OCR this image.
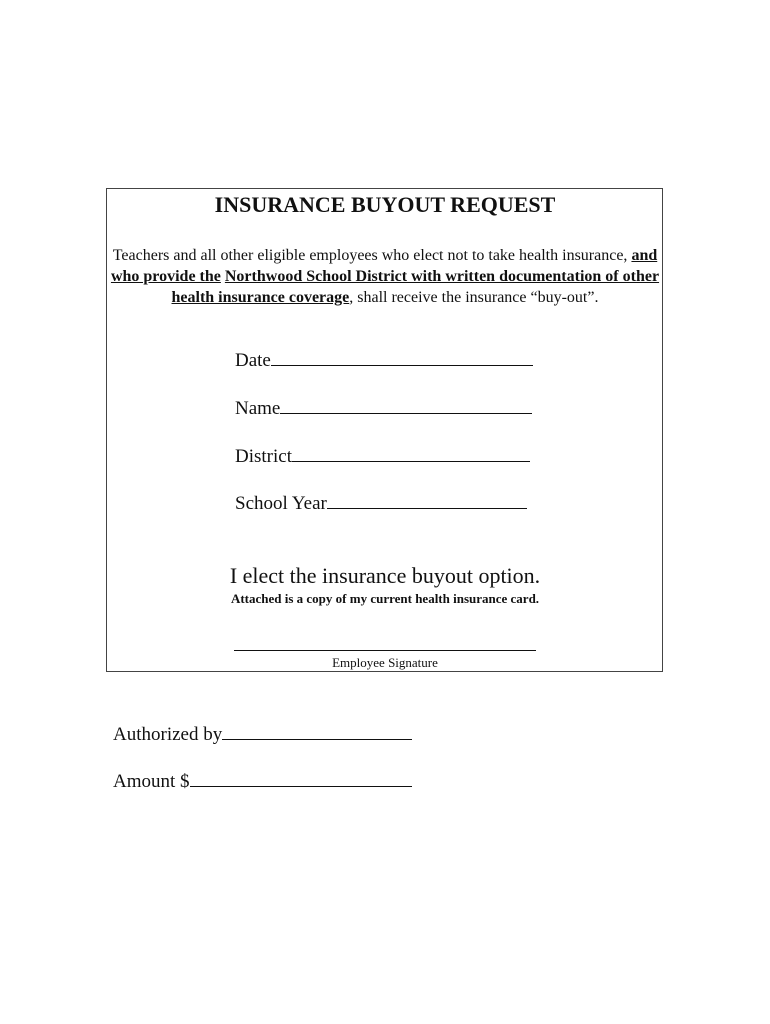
INSURANCE BUYOUT REQUEST
Teachers and all other eligible employees who elect not to take health insurance, and who provide the Northwood School District with written documentation of other health insurance coverage, shall receive the insurance “buy-out”.
Date
Name
District
School Year
I elect the insurance buyout option.
Attached is a copy of my current health insurance card.
Employee Signature
Authorized by
Amount $
